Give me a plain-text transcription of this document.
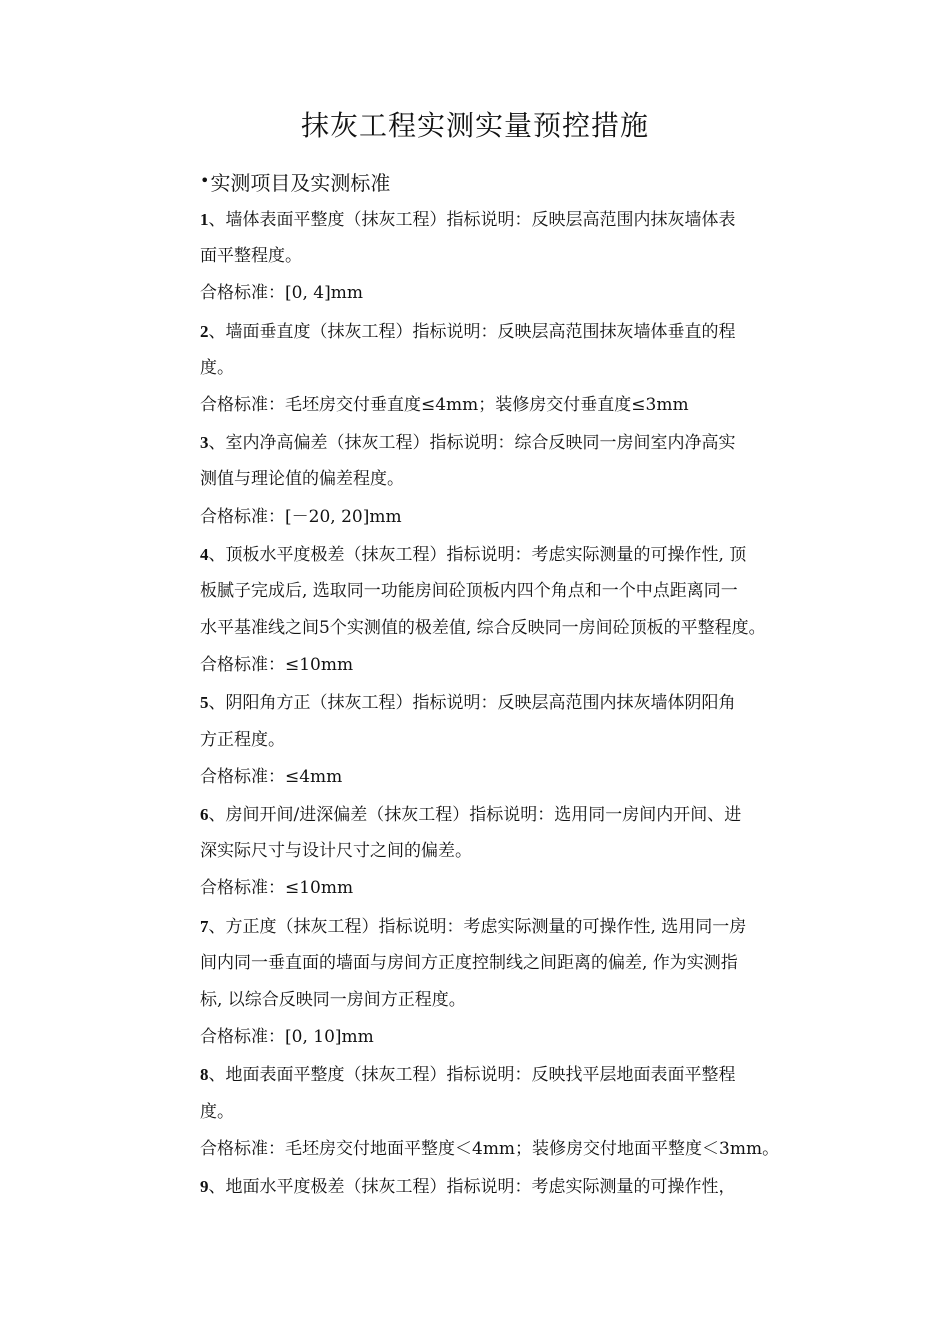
抹灰工程实测实量预控措施
•实测项目及实测标准
1、墙体表面平整度（抹灰工程）指标说明：反映层高范围内抹灰墙体表
面平整程度。
合格标准：[0, 4]mm
2、墙面垂直度（抹灰工程）指标说明：反映层高范围抹灰墙体垂直的程
度。
合格标准：毛坯房交付垂直度≤4mm；装修房交付垂直度≤3mm
3、室内净高偏差（抹灰工程）指标说明：综合反映同一房间室内净高实
测值与理论值的偏差程度。
合格标准：[－20, 20]mm
4、顶板水平度极差（抹灰工程）指标说明：考虑实际测量的可操作性, 顶
板腻子完成后, 选取同一功能房间砼顶板内四个角点和一个中点距离同一
水平基准线之间5个实测值的极差值, 综合反映同一房间砼顶板的平整程度。
合格标准：≤10mm
5、阴阳角方正（抹灰工程）指标说明：反映层高范围内抹灰墙体阴阳角
方正程度。
合格标准：≤4mm
6、房间开间/进深偏差（抹灰工程）指标说明：选用同一房间内开间、进
深实际尺寸与设计尺寸之间的偏差。
合格标准：≤10mm
7、方正度（抹灰工程）指标说明：考虑实际测量的可操作性, 选用同一房
间内同一垂直面的墙面与房间方正度控制线之间距离的偏差, 作为实测指
标, 以综合反映同一房间方正程度。
合格标准：[0, 10]mm
8、地面表面平整度（抹灰工程）指标说明：反映找平层地面表面平整程
度。
合格标准：毛坯房交付地面平整度＜4mm；装修房交付地面平整度＜3mm。
9、地面水平度极差（抹灰工程）指标说明：考虑实际测量的可操作性，
